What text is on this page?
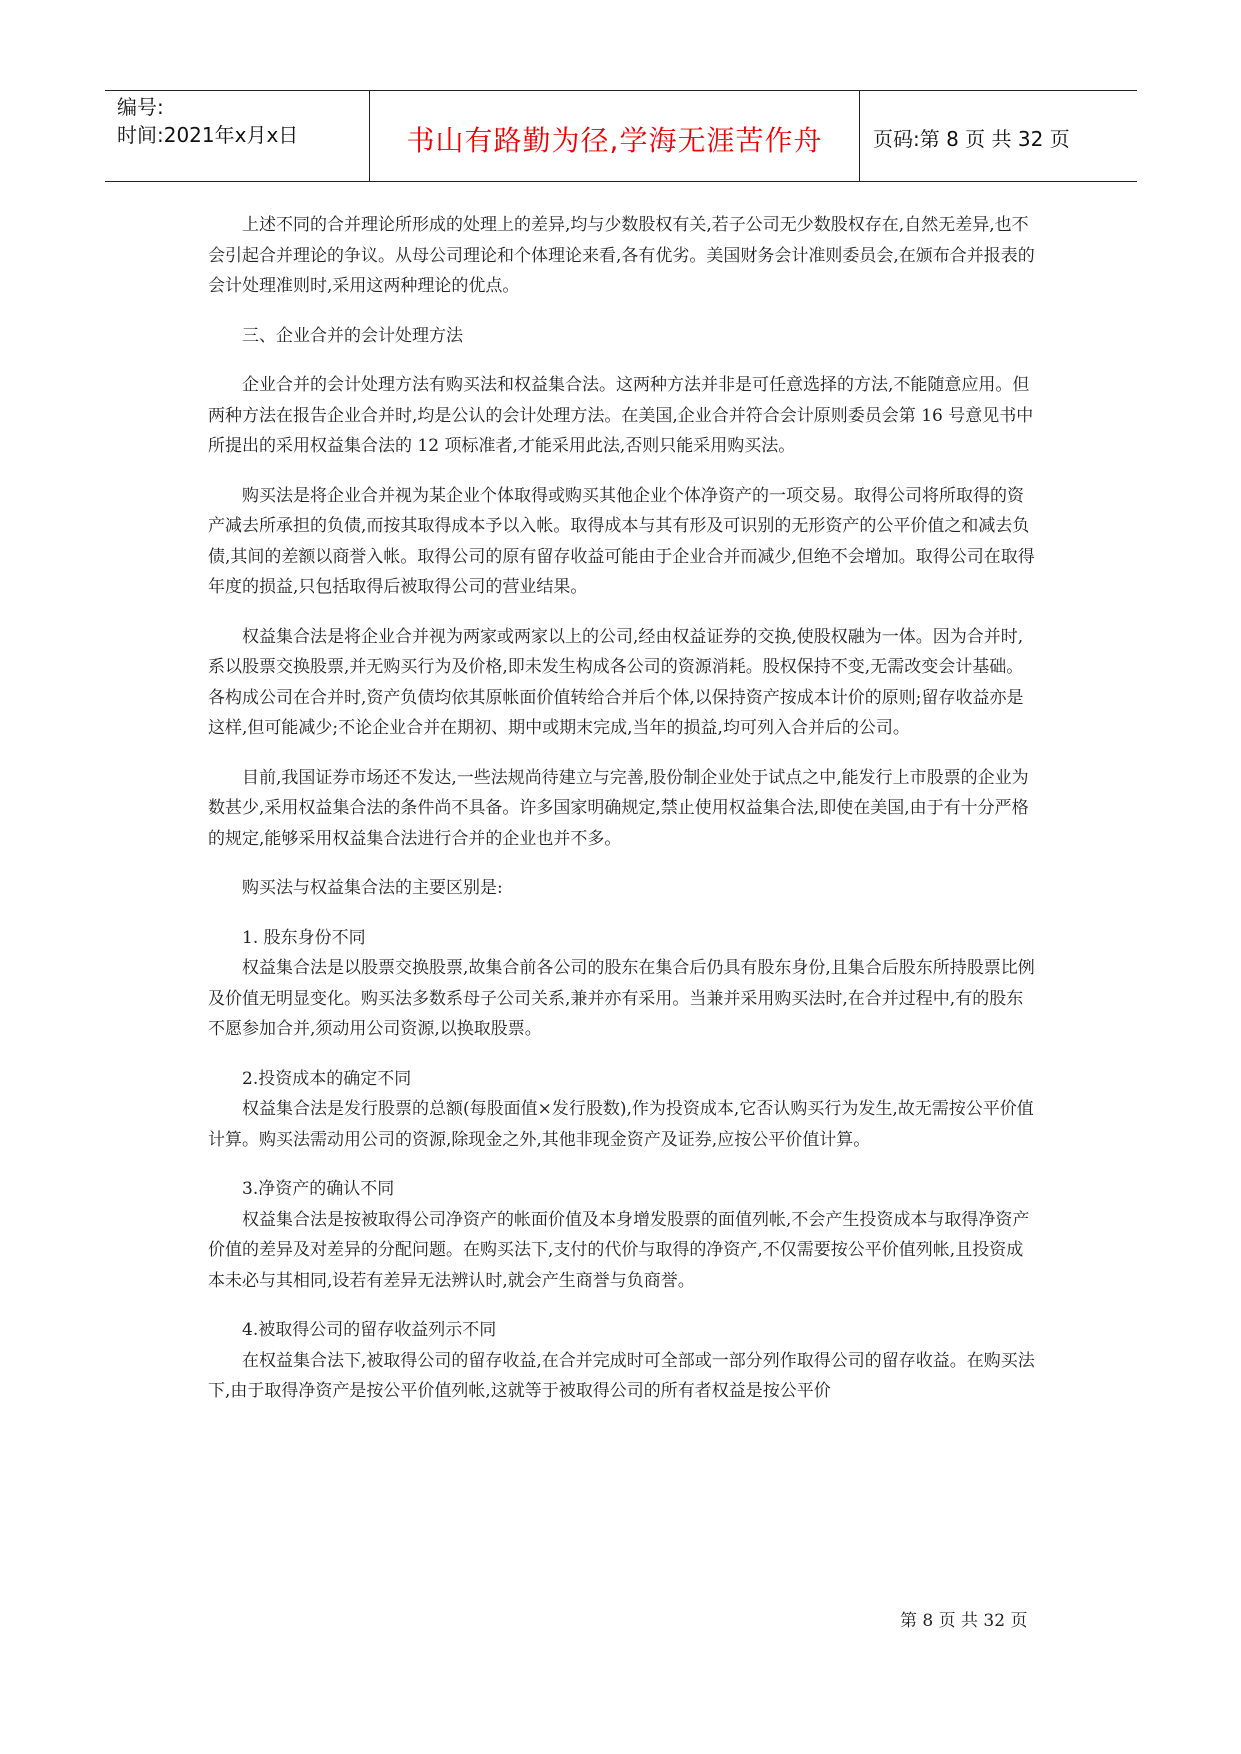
编号:
时间:2021年x月x日	书山有路勤为径,学海无涯苦作舟	页码:第 8 页 共 32 页

上述不同的合并理论所形成的处理上的差异,均与少数股权有关,若子公司无少数股权存在,自然无差异,也不会引起合并理论的争议。从母公司理论和个体理论来看,各有优劣。美国财务会计准则委员会,在颁布合并报表的会计处理准则时,采用这两种理论的优点。

三、企业合并的会计处理方法

企业合并的会计处理方法有购买法和权益集合法。这两种方法并非是可任意选择的方法,不能随意应用。但两种方法在报告企业合并时,均是公认的会计处理方法。在美国,企业合并符合会计原则委员会第 16 号意见书中所提出的采用权益集合法的 12 项标准者,才能采用此法,否则只能采用购买法。

购买法是将企业合并视为某企业个体取得或购买其他企业个体净资产的一项交易。取得公司将所取得的资产减去所承担的负债,而按其取得成本予以入帐。取得成本与其有形及可识别的无形资产的公平价值之和减去负债,其间的差额以商誉入帐。取得公司的原有留存收益可能由于企业合并而减少,但绝不会增加。取得公司在取得年度的损益,只包括取得后被取得公司的营业结果。

权益集合法是将企业合并视为两家或两家以上的公司,经由权益证券的交换,使股权融为一体。因为合并时,系以股票交换股票,并无购买行为及价格,即未发生构成各公司的资源消耗。股权保持不变,无需改变会计基础。各构成公司在合并时,资产负债均依其原帐面价值转给合并后个体,以保持资产按成本计价的原则;留存收益亦是这样,但可能减少;不论企业合并在期初、期中或期末完成,当年的损益,均可列入合并后的公司。

目前,我国证券市场还不发达,一些法规尚待建立与完善,股份制企业处于试点之中,能发行上市股票的企业为数甚少,采用权益集合法的条件尚不具备。许多国家明确规定,禁止使用权益集合法,即使在美国,由于有十分严格的规定,能够采用权益集合法进行合并的企业也并不多。

购买法与权益集合法的主要区别是:

1. 股东身份不同

权益集合法是以股票交换股票,故集合前各公司的股东在集合后仍具有股东身份,且集合后股东所持股票比例及价值无明显变化。购买法多数系母子公司关系,兼并亦有采用。当兼并采用购买法时,在合并过程中,有的股东不愿参加合并,须动用公司资源,以换取股票。

2.投资成本的确定不同

权益集合法是发行股票的总额(每股面值×发行股数),作为投资成本,它否认购买行为发生,故无需按公平价值计算。购买法需动用公司的资源,除现金之外,其他非现金资产及证券,应按公平价值计算。

3.净资产的确认不同

权益集合法是按被取得公司净资产的帐面价值及本身增发股票的面值列帐,不会产生投资成本与取得净资产价值的差异及对差异的分配问题。在购买法下,支付的代价与取得的净资产,不仅需要按公平价值列帐,且投资成本未必与其相同,设若有差异无法辨认时,就会产生商誉与负商誉。

4.被取得公司的留存收益列示不同

在权益集合法下,被取得公司的留存收益,在合并完成时可全部或一部分列作取得公司的留存收益。在购买法下,由于取得净资产是按公平价值列帐,这就等于被取得公司的所有者权益是按公平价

第 8 页 共 32 页
